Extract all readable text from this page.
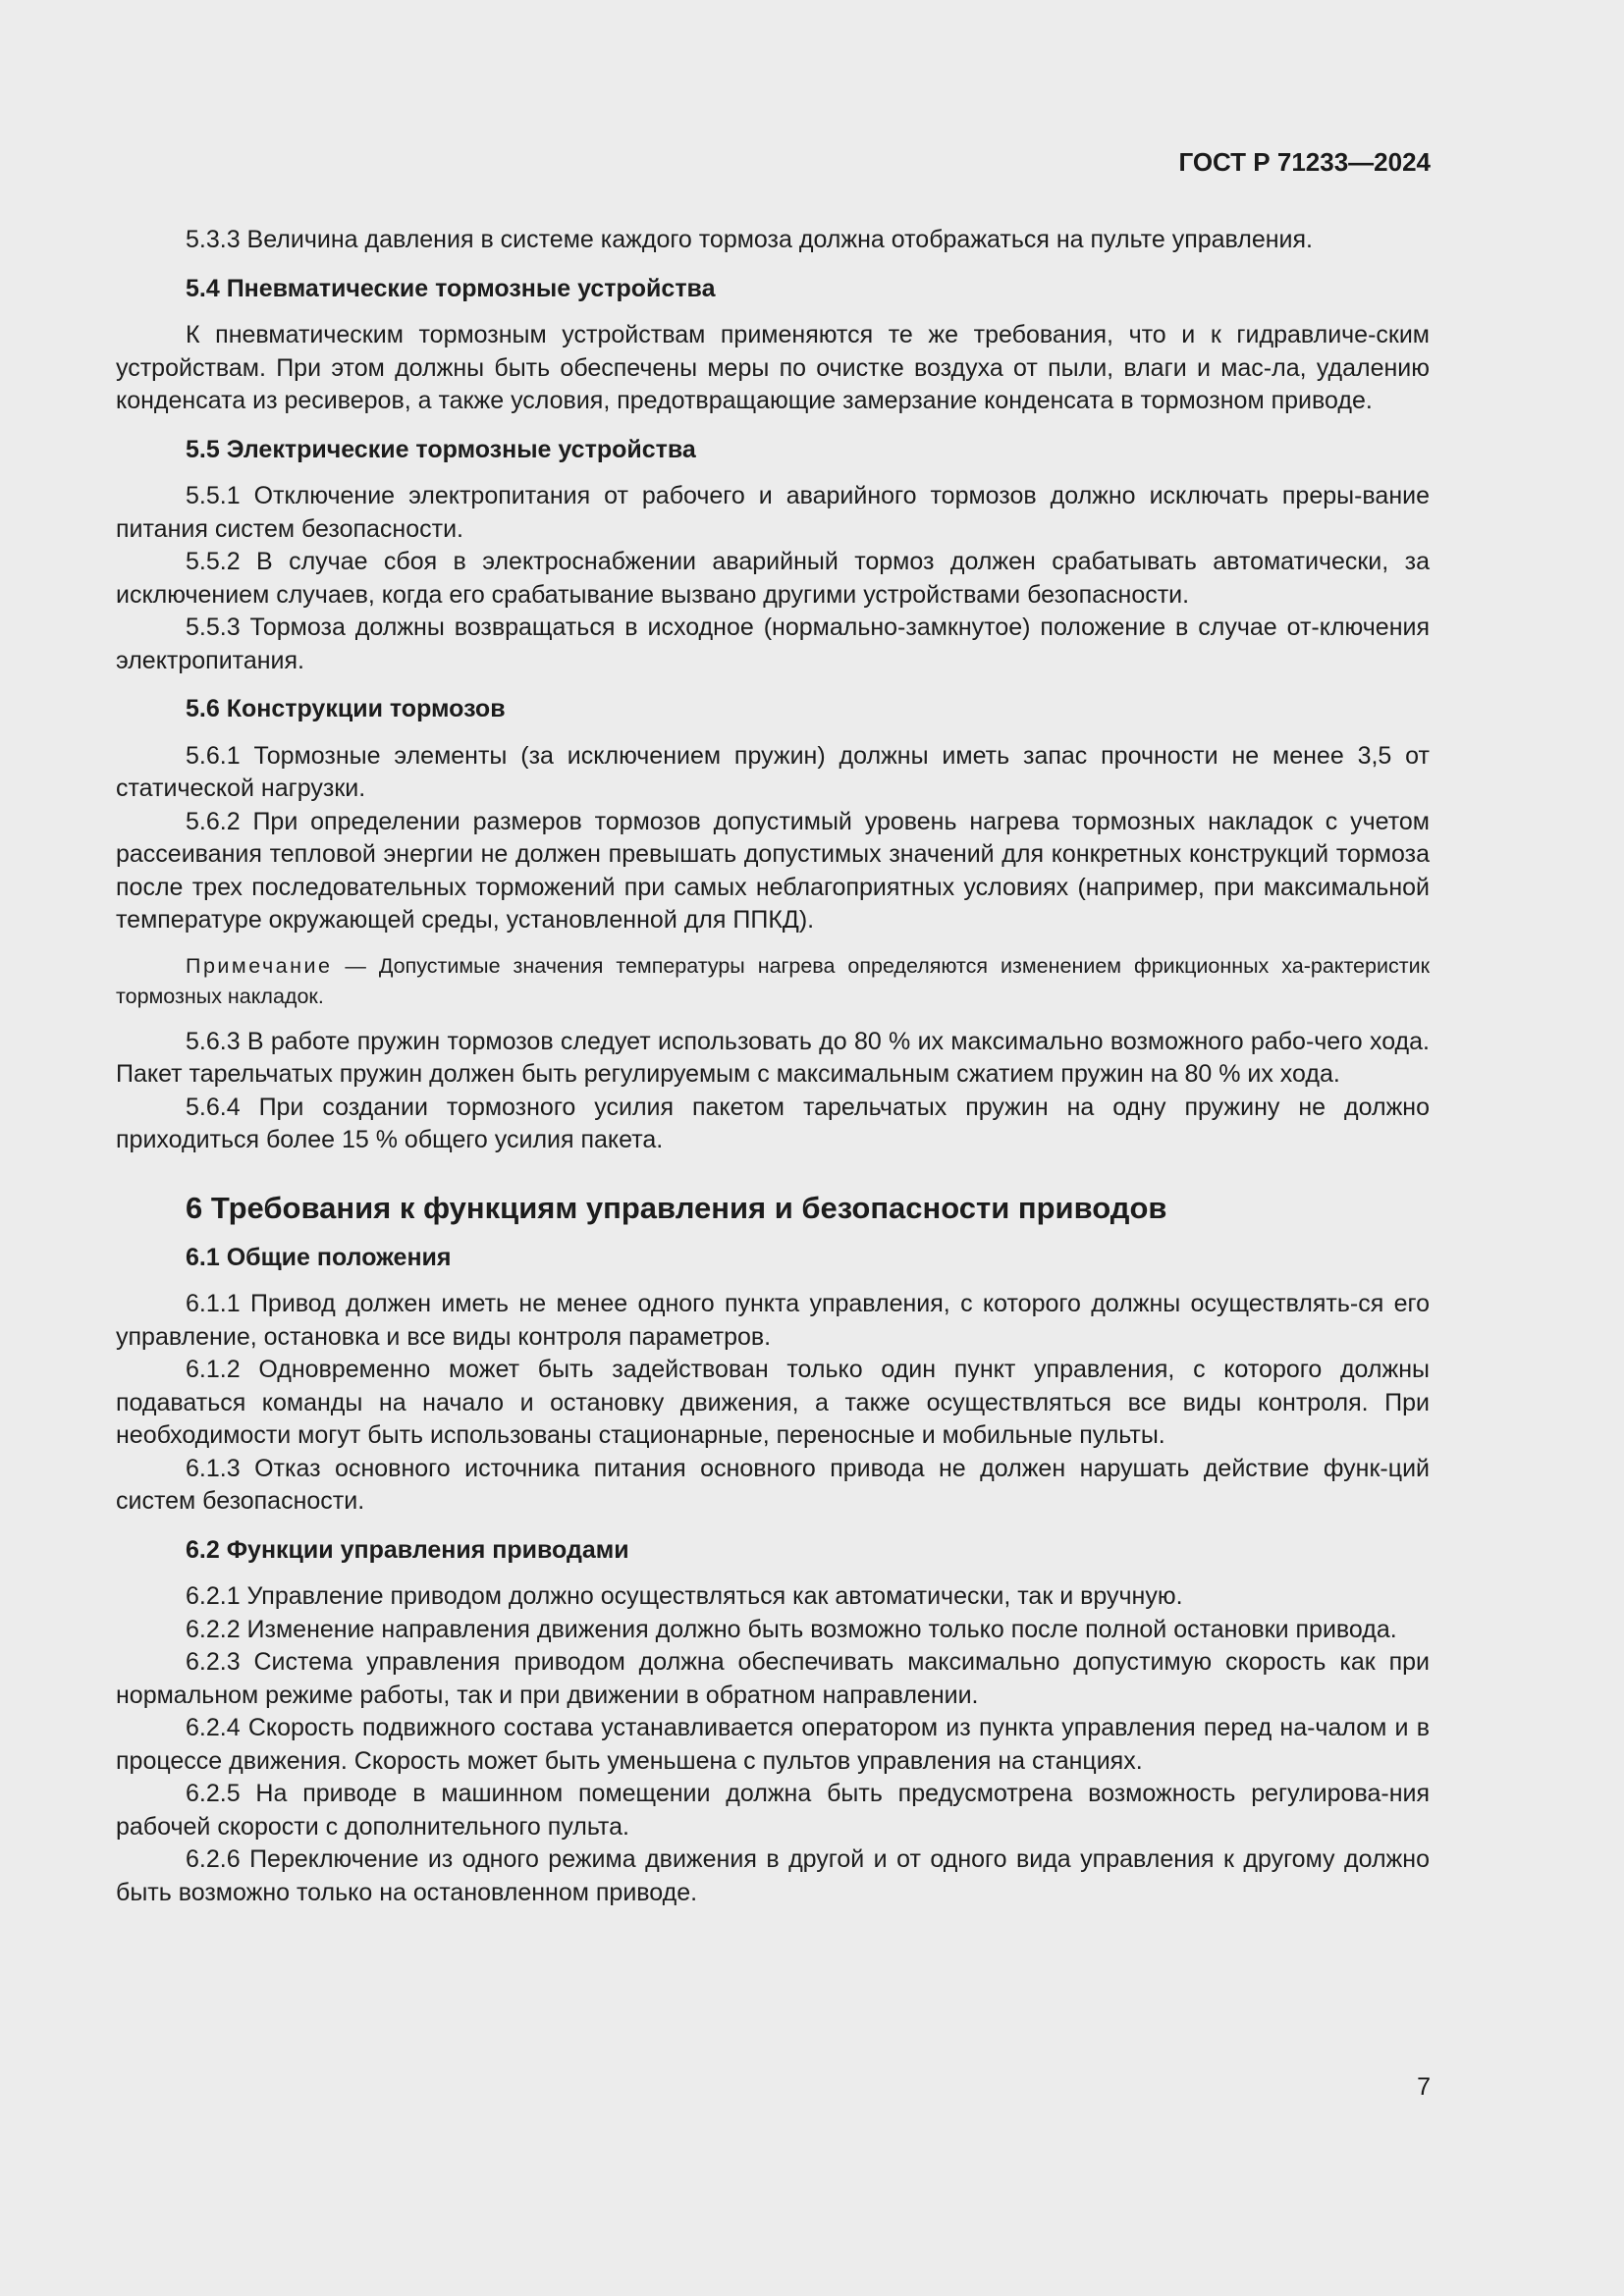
ГОСТ Р 71233—2024

5.3.3 Величина давления в системе каждого тормоза должна отображаться на пульте управления.

5.4 Пневматические тормозные устройства

К пневматическим тормозным устройствам применяются те же требования, что и к гидравличе-ским устройствам. При этом должны быть обеспечены меры по очистке воздуха от пыли, влаги и мас-ла, удалению конденсата из ресиверов, а также условия, предотвращающие замерзание конденсата в тормозном приводе.

5.5 Электрические тормозные устройства

5.5.1 Отключение электропитания от рабочего и аварийного тормозов должно исключать преры-вание питания систем безопасности.

5.5.2 В случае сбоя в электроснабжении аварийный тормоз должен срабатывать автоматически, за исключением случаев, когда его срабатывание вызвано другими устройствами безопасности.

5.5.3 Тормоза должны возвращаться в исходное (нормально-замкнутое) положение в случае от-ключения электропитания.

5.6 Конструкции тормозов

5.6.1 Тормозные элементы (за исключением пружин) должны иметь запас прочности не менее 3,5 от статической нагрузки.

5.6.2 При определении размеров тормозов допустимый уровень нагрева тормозных накладок с учетом рассеивания тепловой энергии не должен превышать допустимых значений для конкретных конструкций тормоза после трех последовательных торможений при самых неблагоприятных условиях (например, при максимальной температуре окружающей среды, установленной для ППКД).

Примечание — Допустимые значения температуры нагрева определяются изменением фрикционных ха-рактеристик тормозных накладок.

5.6.3 В работе пружин тормозов следует использовать до 80 % их максимально возможного рабо-чего хода. Пакет тарельчатых пружин должен быть регулируемым с максимальным сжатием пружин на 80 % их хода.

5.6.4 При создании тормозного усилия пакетом тарельчатых пружин на одну пружину не должно приходиться более 15 % общего усилия пакета.

6 Требования к функциям управления и безопасности приводов

6.1 Общие положения

6.1.1 Привод должен иметь не менее одного пункта управления, с которого должны осуществлять-ся его управление, остановка и все виды контроля параметров.

6.1.2 Одновременно может быть задействован только один пункт управления, с которого должны подаваться команды на начало и остановку движения, а также осуществляться все виды контроля. При необходимости могут быть использованы стационарные, переносные и мобильные пульты.

6.1.3 Отказ основного источника питания основного привода не должен нарушать действие функ-ций систем безопасности.

6.2 Функции управления приводами

6.2.1 Управление приводом должно осуществляться как автоматически, так и вручную.

6.2.2 Изменение направления движения должно быть возможно только после полной остановки привода.

6.2.3 Система управления приводом должна обеспечивать максимально допустимую скорость как при нормальном режиме работы, так и при движении в обратном направлении.

6.2.4 Скорость подвижного состава устанавливается оператором из пункта управления перед на-чалом и в процессе движения. Скорость может быть уменьшена с пультов управления на станциях.

6.2.5 На приводе в машинном помещении должна быть предусмотрена возможность регулирова-ния рабочей скорости с дополнительного пульта.

6.2.6 Переключение из одного режима движения в другой и от одного вида управления к другому должно быть возможно только на остановленном приводе.

7
